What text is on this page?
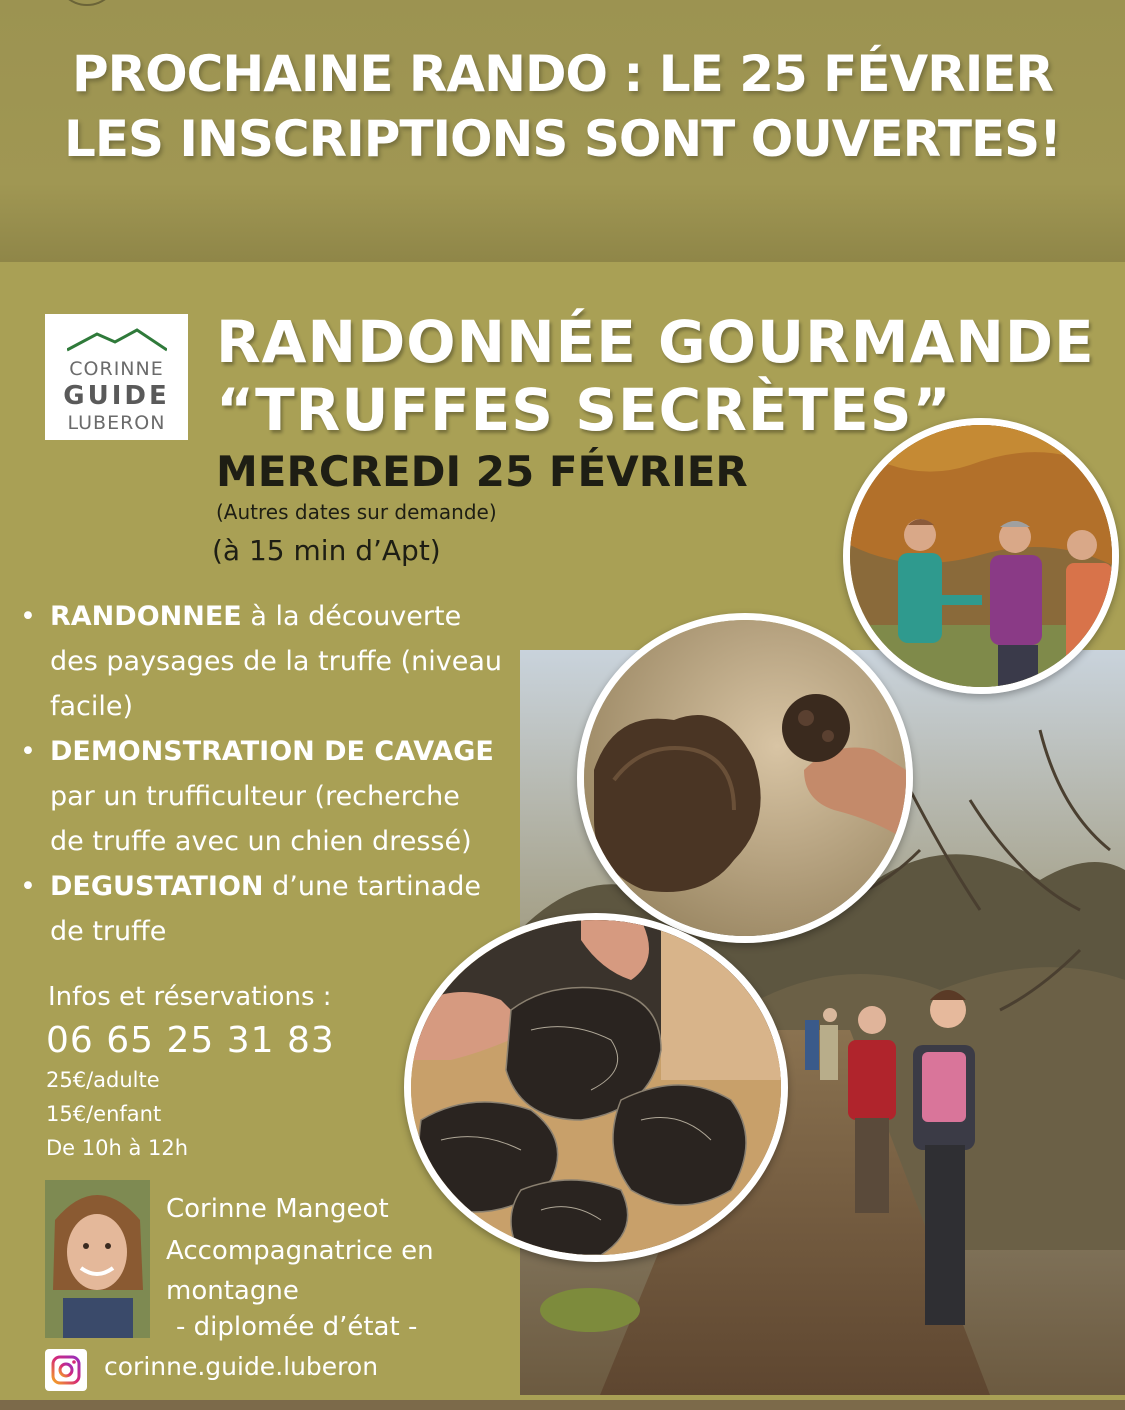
PROCHAINE RANDO : LE 25 FÉVRIER
LES INSCRIPTIONS SONT OUVERTES!
CORINNE
GUIDE
LUBERON
RANDONNÉE GOURMANDE
“TRUFFES SECRÈTES”
MERCREDI 25 FÉVRIER
(Autres dates sur demande)
(à 15 min d’Apt)
• RANDONNEE à la découverte
des paysages de la truffe (niveau
facile)
• DEMONSTRATION DE CAVAGE
par un trufficulteur (recherche
de truffe avec un chien dressé)
• DEGUSTATION d’une tartinade
de truffe
Infos et réservations :
06 65 25 31 83
25€/adulte
15€/enfant
De 10h à 12h
Corinne Mangeot
Accompagnatrice en
montagne
- diplomée d’état -
corinne.guide.luberon
